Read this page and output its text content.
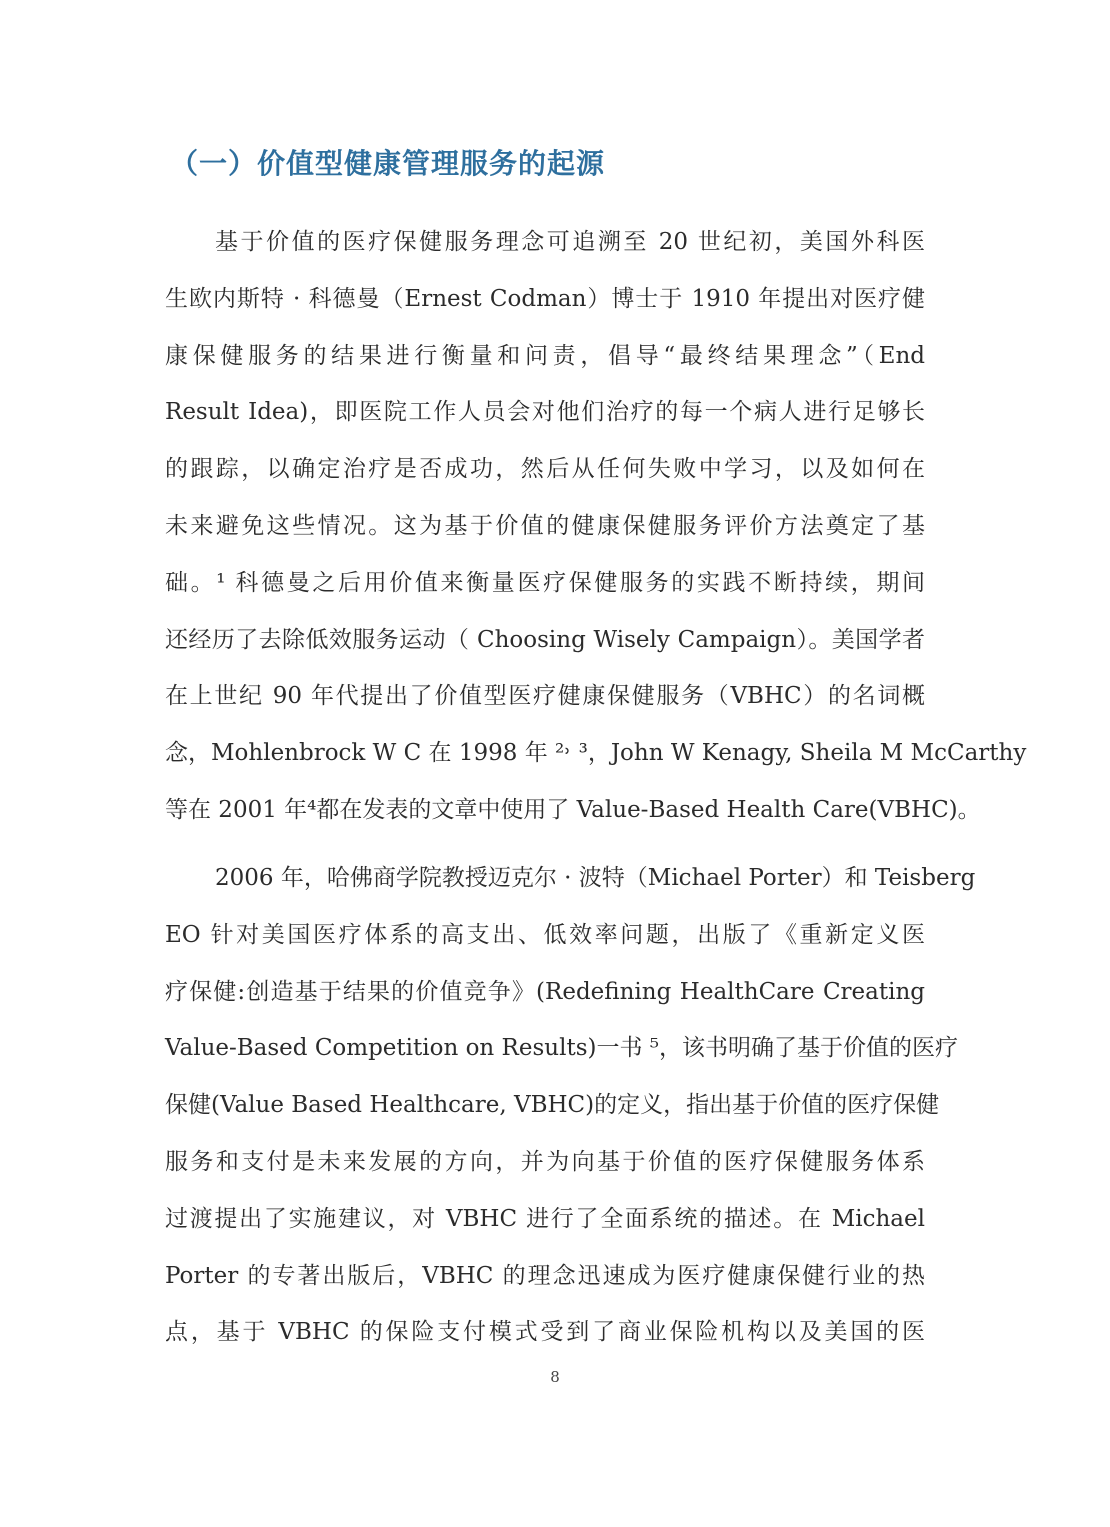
（一）价值型健康管理服务的起源
基于价值的医疗保健服务理念可追溯至 20 世纪初，美国外科医
生欧内斯特 · 科德曼（Ernest Codman）博士于 1910 年提出对医疗健
康保健服务的结果进行衡量和问责，倡导“最终结果理念”（End
Result Idea)，即医院工作人员会对他们治疗的每一个病人进行足够长
的跟踪，以确定治疗是否成功，然后从任何失败中学习，以及如何在
未来避免这些情况。这为基于价值的健康保健服务评价方法奠定了基
础。¹ 科德曼之后用价值来衡量医疗保健服务的实践不断持续，期间
还经历了去除低效服务运动（ Choosing Wisely Campaign）。美国学者
在上世纪 90 年代提出了价值型医疗健康保健服务（VBHC）的名词概
念，Mohlenbrock W C 在 1998 年 ²˒ ³，John W Kenagy, Sheila M McCarthy
等在 2001 年⁴都在发表的文章中使用了 Value-Based Health Care(VBHC)。
2006 年，哈佛商学院教授迈克尔 · 波特（Michael Porter）和 Teisberg
EO 针对美国医疗体系的高支出、低效率问题，出版了《重新定义医
疗保健:创造基于结果的价值竞争》(Redefining HealthCare Creating
Value-Based Competition on Results)一书 ⁵，该书明确了基于价值的医疗
保健(Value Based Healthcare, VBHC)的定义，指出基于价值的医疗保健
服务和支付是未来发展的方向，并为向基于价值的医疗保健服务体系
过渡提出了实施建议，对 VBHC 进行了全面系统的描述。在 Michael
Porter 的专著出版后，VBHC 的理念迅速成为医疗健康保健行业的热
点，基于 VBHC 的保险支付模式受到了商业保险机构以及美国的医
8
